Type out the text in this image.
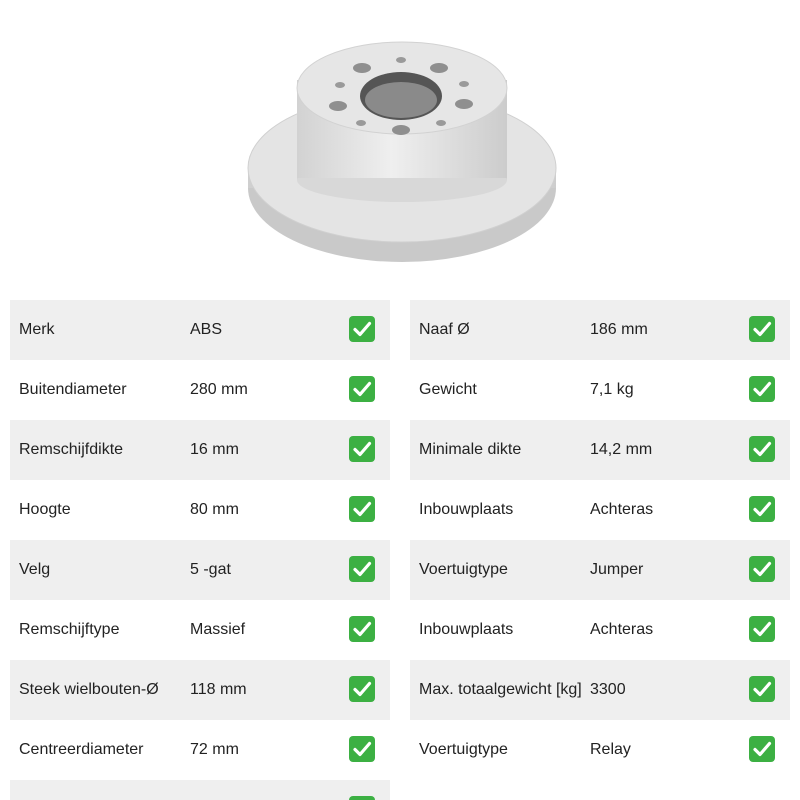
Merk	ABS
Buitendiameter	280 mm
Remschijfdikte	16 mm
Hoogte	80 mm
Velg	5 -gat
Remschijftype	Massief
Steek wielbouten-Ø 118 mm
Centreerdiameter	72 mm
Naaf Ø	186 mm
Gewicht	7,1 kg
Minimale dikte	14,2 mm
Inbouwplaats	Achteras
Voertuigtype	Jumper
Inbouwplaats	Achteras
Max. totaalgewicht [kg] 3300
Voertuigtype	Relay
